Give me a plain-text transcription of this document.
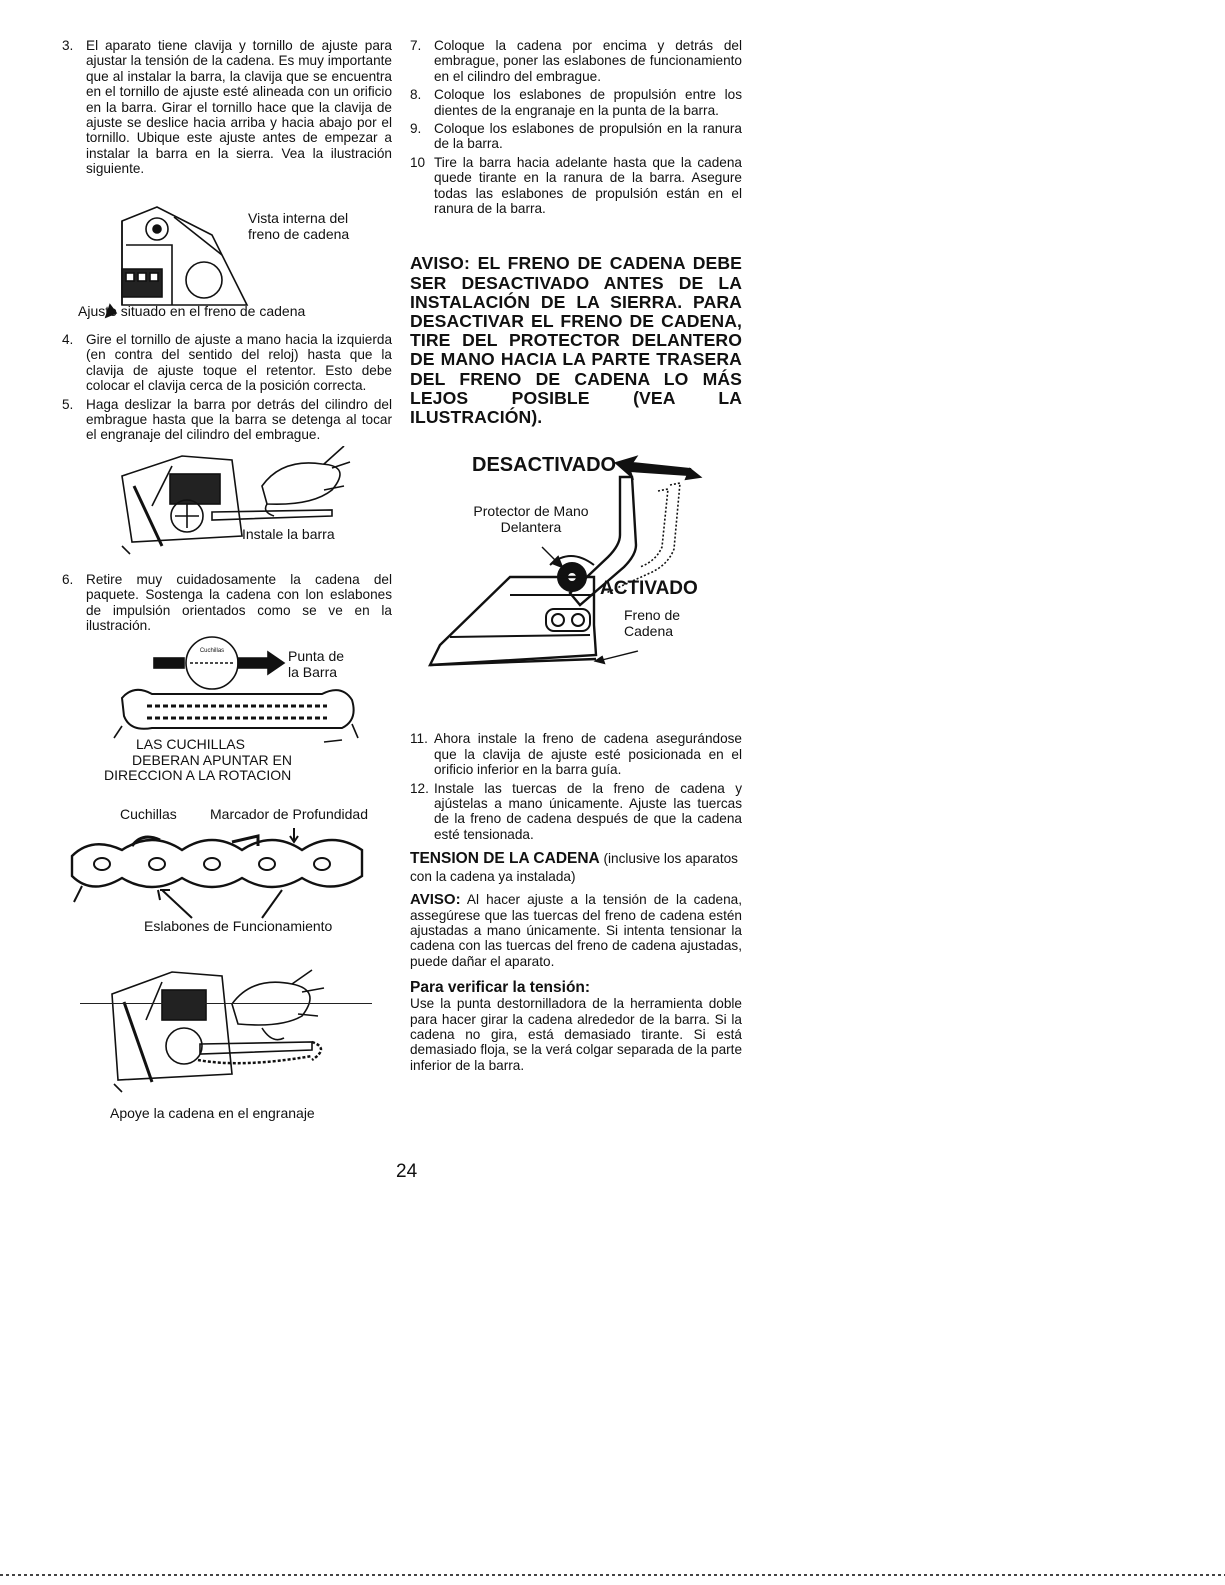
3. El aparato tiene clavija y tornillo de ajuste para ajustar la tensión de la cadena. Es muy importante que al instalar la barra, la clavija que se encuentra en el tornillo de ajuste esté alineada con un orificio en la barra. Girar el tornillo hace que la clavija de ajuste se deslice hacia arriba y hacia abajo por el tornillo. Ubique este ajuste antes de empezar a instalar la barra en la sierra. Vea la ilustración siguiente.
Vista interna del freno de cadena
Ajuste situado en el freno de cadena
4. Gire el tornillo de ajuste a mano hacia la izquierda (en contra del sentido del reloj) hasta que la clavija de ajuste toque el retentor. Esto debe colocar el clavija cerca de la posición correcta.
5. Haga deslizar la barra por detrás del cilindro del embrague hasta que la barra se detenga al tocar el engranaje del cilindro del embrague.
Instale la barra
6. Retire muy cuidadosamente la cadena del paquete. Sostenga la cadena con lon eslabones de impulsión orientados como se ve en la ilustración.
Cuchillas	Punta de la Barra
LAS CUCHILLAS
DEBERAN APUNTAR EN
DIRECCION A LA ROTACION
Cuchillas Marcador de Profundidad
Eslabones de Funcionamiento
Apoye la cadena en el engranaje
7. Coloque la cadena por encima y detrás del embrague, poner las eslabones de funcionamiento en el cilindro del embrague.
8. Coloque los eslabones de propulsión entre los dientes de la engranaje en la punta de la barra.
9. Coloque los eslabones de propulsión en la ranura de la barra.
10 Tire la barra hacia adelante hasta que la cadena quede tirante en la ranura de la barra. Asegure todas las eslabones de propulsión están en el ranura de la barra.
AVISO: EL FRENO DE CADENA DEBE SER DESACTIVADO ANTES DE LA INSTALACIÓN DE LA SIERRA. PARA DESACTIVAR EL FRENO DE CADENA, TIRE DEL PROTECTOR DELANTERO DE MANO HACIA LA PARTE TRASERA DEL FRENO DE CADENA LO MÁS LEJOS POSIBLE (VEA LA ILUSTRACIÓN).
DESACTIVADO
Protector de Mano Delantera
ACTIVADO
Freno de Cadena
11. Ahora instale la freno de cadena asegurándose que la clavija de ajuste esté posicionada en el orificio inferior en la barra guía.
12. Instale las tuercas de la freno de cadena y ajústelas a mano únicamente. Ajuste las tuercas de la freno de cadena después de que la cadena esté tensionada.
TENSION DE LA CADENA (inclusive los aparatos con la cadena ya instalada)
AVISO: Al hacer ajuste a la tensión de la cadena, assegúrese que las tuercas del freno de cadena estén ajustadas a mano únicamente. Si intenta tensionar la cadena con las tuercas del freno de cadena ajustadas, puede dañar el aparato.
Para verificar la tensión:
Use la punta destornilladora de la herramienta doble para hacer girar la cadena alrededor de la barra. Si la cadena no gira, está demasiado tirante. Si está demasiado floja, se la verá colgar separada de la parte inferior de la barra.
24
